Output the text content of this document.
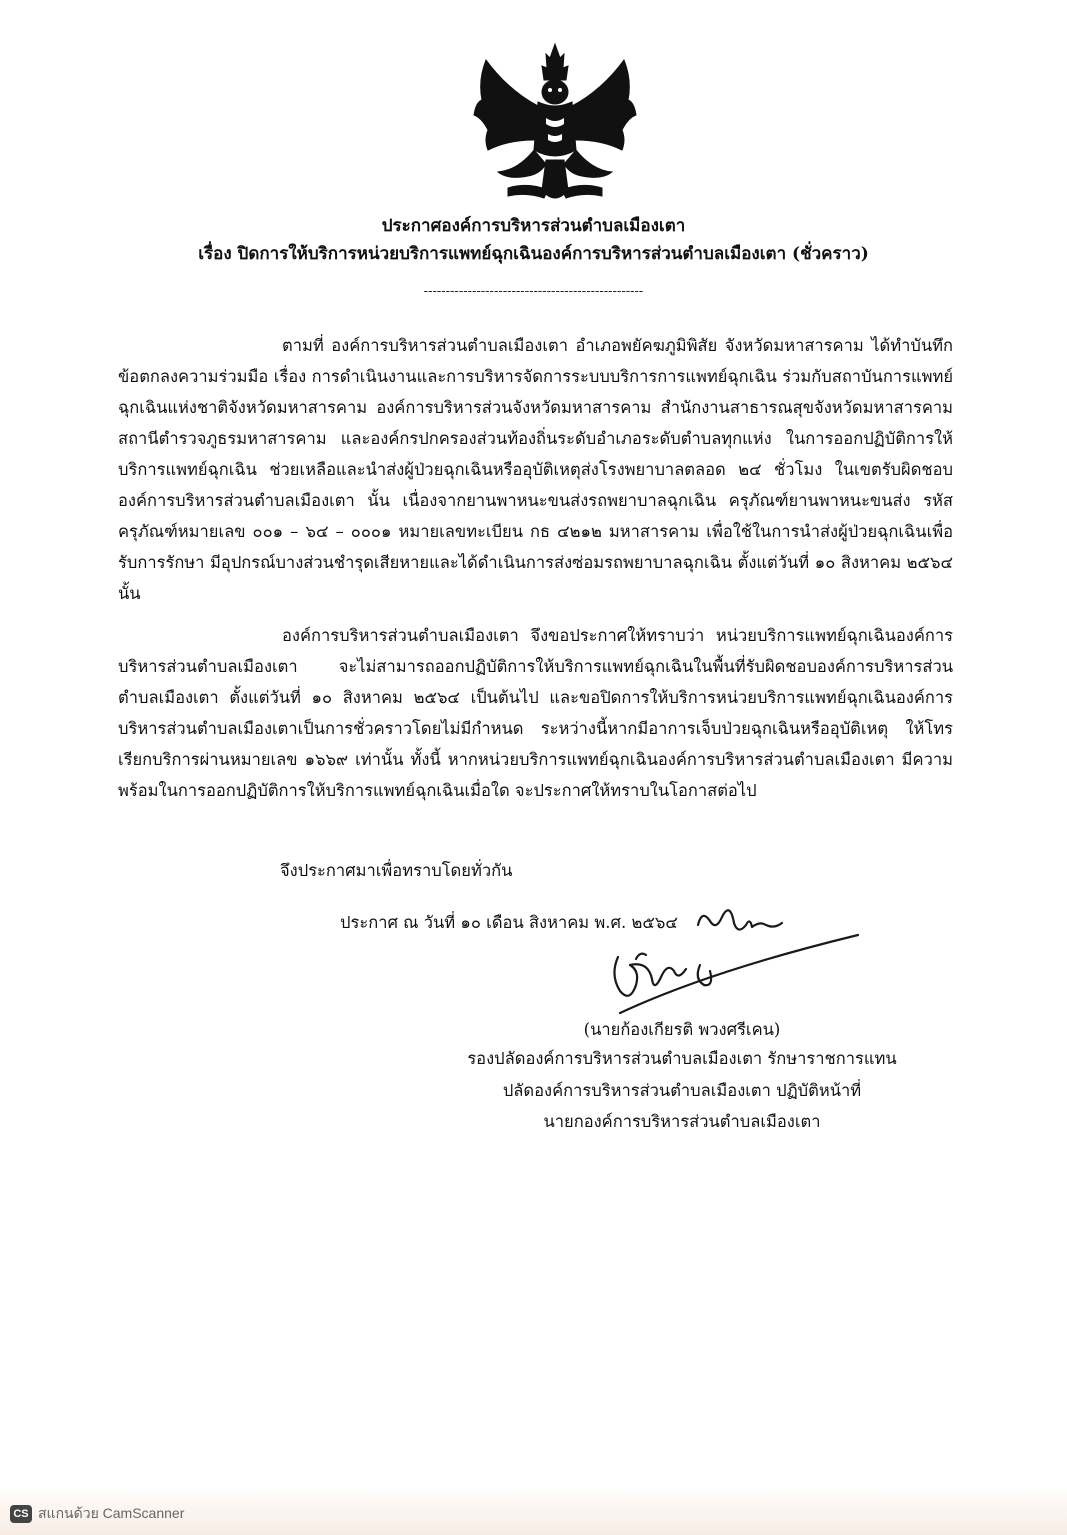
ประกาศองค์การบริหารส่วนตำบลเมืองเตา
เรื่อง ปิดการให้บริการหน่วยบริการแพทย์ฉุกเฉินองค์การบริหารส่วนตำบลเมืองเตา (ชั่วคราว)
--------------------------------------------------

ตามที่ องค์การบริหารส่วนตำบลเมืองเตา อำเภอพยัคฆภูมิพิสัย จังหวัดมหาสารคาม ได้ทำบันทึกข้อตกลงความร่วมมือ เรื่อง การดำเนินงานและการบริหารจัดการระบบบริการการแพทย์ฉุกเฉิน ร่วมกับสถาบันการแพทย์ฉุกเฉินแห่งชาติจังหวัดมหาสารคาม องค์การบริหารส่วนจังหวัดมหาสารคาม สำนักงานสาธารณสุขจังหวัดมหาสารคาม สถานีตำรวจภูธรมหาสารคาม และองค์กรปกครองส่วนท้องถิ่นระดับอำเภอระดับตำบลทุกแห่ง ในการออกปฏิบัติการให้บริการแพทย์ฉุกเฉิน ช่วยเหลือและนำส่งผู้ป่วยฉุกเฉินหรืออุบัติเหตุส่งโรงพยาบาลตลอด ๒๔ ชั่วโมง ในเขตรับผิดชอบองค์การบริหารส่วนตำบลเมืองเตา นั้น เนื่องจากยานพาหนะขนส่งรถพยาบาลฉุกเฉิน ครุภัณฑ์ยานพาหนะขนส่ง รหัสครุภัณฑ์หมายเลข ๐๐๑ – ๖๔ – ๐๐๐๑ หมายเลขทะเบียน กธ ๔๒๑๒ มหาสารคาม เพื่อใช้ในการนำส่งผู้ป่วยฉุกเฉินเพื่อรับการรักษา มีอุปกรณ์บางส่วนชำรุดเสียหายและได้ดำเนินการส่งซ่อมรถพยาบาลฉุกเฉิน ตั้งแต่วันที่ ๑๐ สิงหาคม ๒๕๖๔ นั้น

องค์การบริหารส่วนตำบลเมืองเตา จึงขอประกาศให้ทราบว่า หน่วยบริการแพทย์ฉุกเฉินองค์การบริหารส่วนตำบลเมืองเตา จะไม่สามารถออกปฏิบัติการให้บริการแพทย์ฉุกเฉินในพื้นที่รับผิดชอบองค์การบริหารส่วนตำบลเมืองเตา ตั้งแต่วันที่ ๑๐ สิงหาคม ๒๕๖๔ เป็นต้นไป และขอปิดการให้บริการหน่วยบริการแพทย์ฉุกเฉินองค์การบริหารส่วนตำบลเมืองเตาเป็นการชั่วคราวโดยไม่มีกำหนด ระหว่างนี้หากมีอาการเจ็บป่วยฉุกเฉินหรืออุบัติเหตุ ให้โทรเรียกบริการผ่านหมายเลข ๑๖๖๙ เท่านั้น ทั้งนี้ หากหน่วยบริการแพทย์ฉุกเฉินองค์การบริหารส่วนตำบลเมืองเตา มีความพร้อมในการออกปฏิบัติการให้บริการแพทย์ฉุกเฉินเมื่อใด จะประกาศให้ทราบในโอกาสต่อไป

จึงประกาศมาเพื่อทราบโดยทั่วกัน
ประกาศ ณ วันที่ ๑๐ เดือน สิงหาคม พ.ศ. ๒๕๖๔
(นายก้องเกียรติ พวงศรีเคน)
รองปลัดองค์การบริหารส่วนตำบลเมืองเตา รักษาราชการแทน
ปลัดองค์การบริหารส่วนตำบลเมืองเตา ปฏิบัติหน้าที่
นายกองค์การบริหารส่วนตำบลเมืองเตา
CS สแกนด้วย CamScanner
